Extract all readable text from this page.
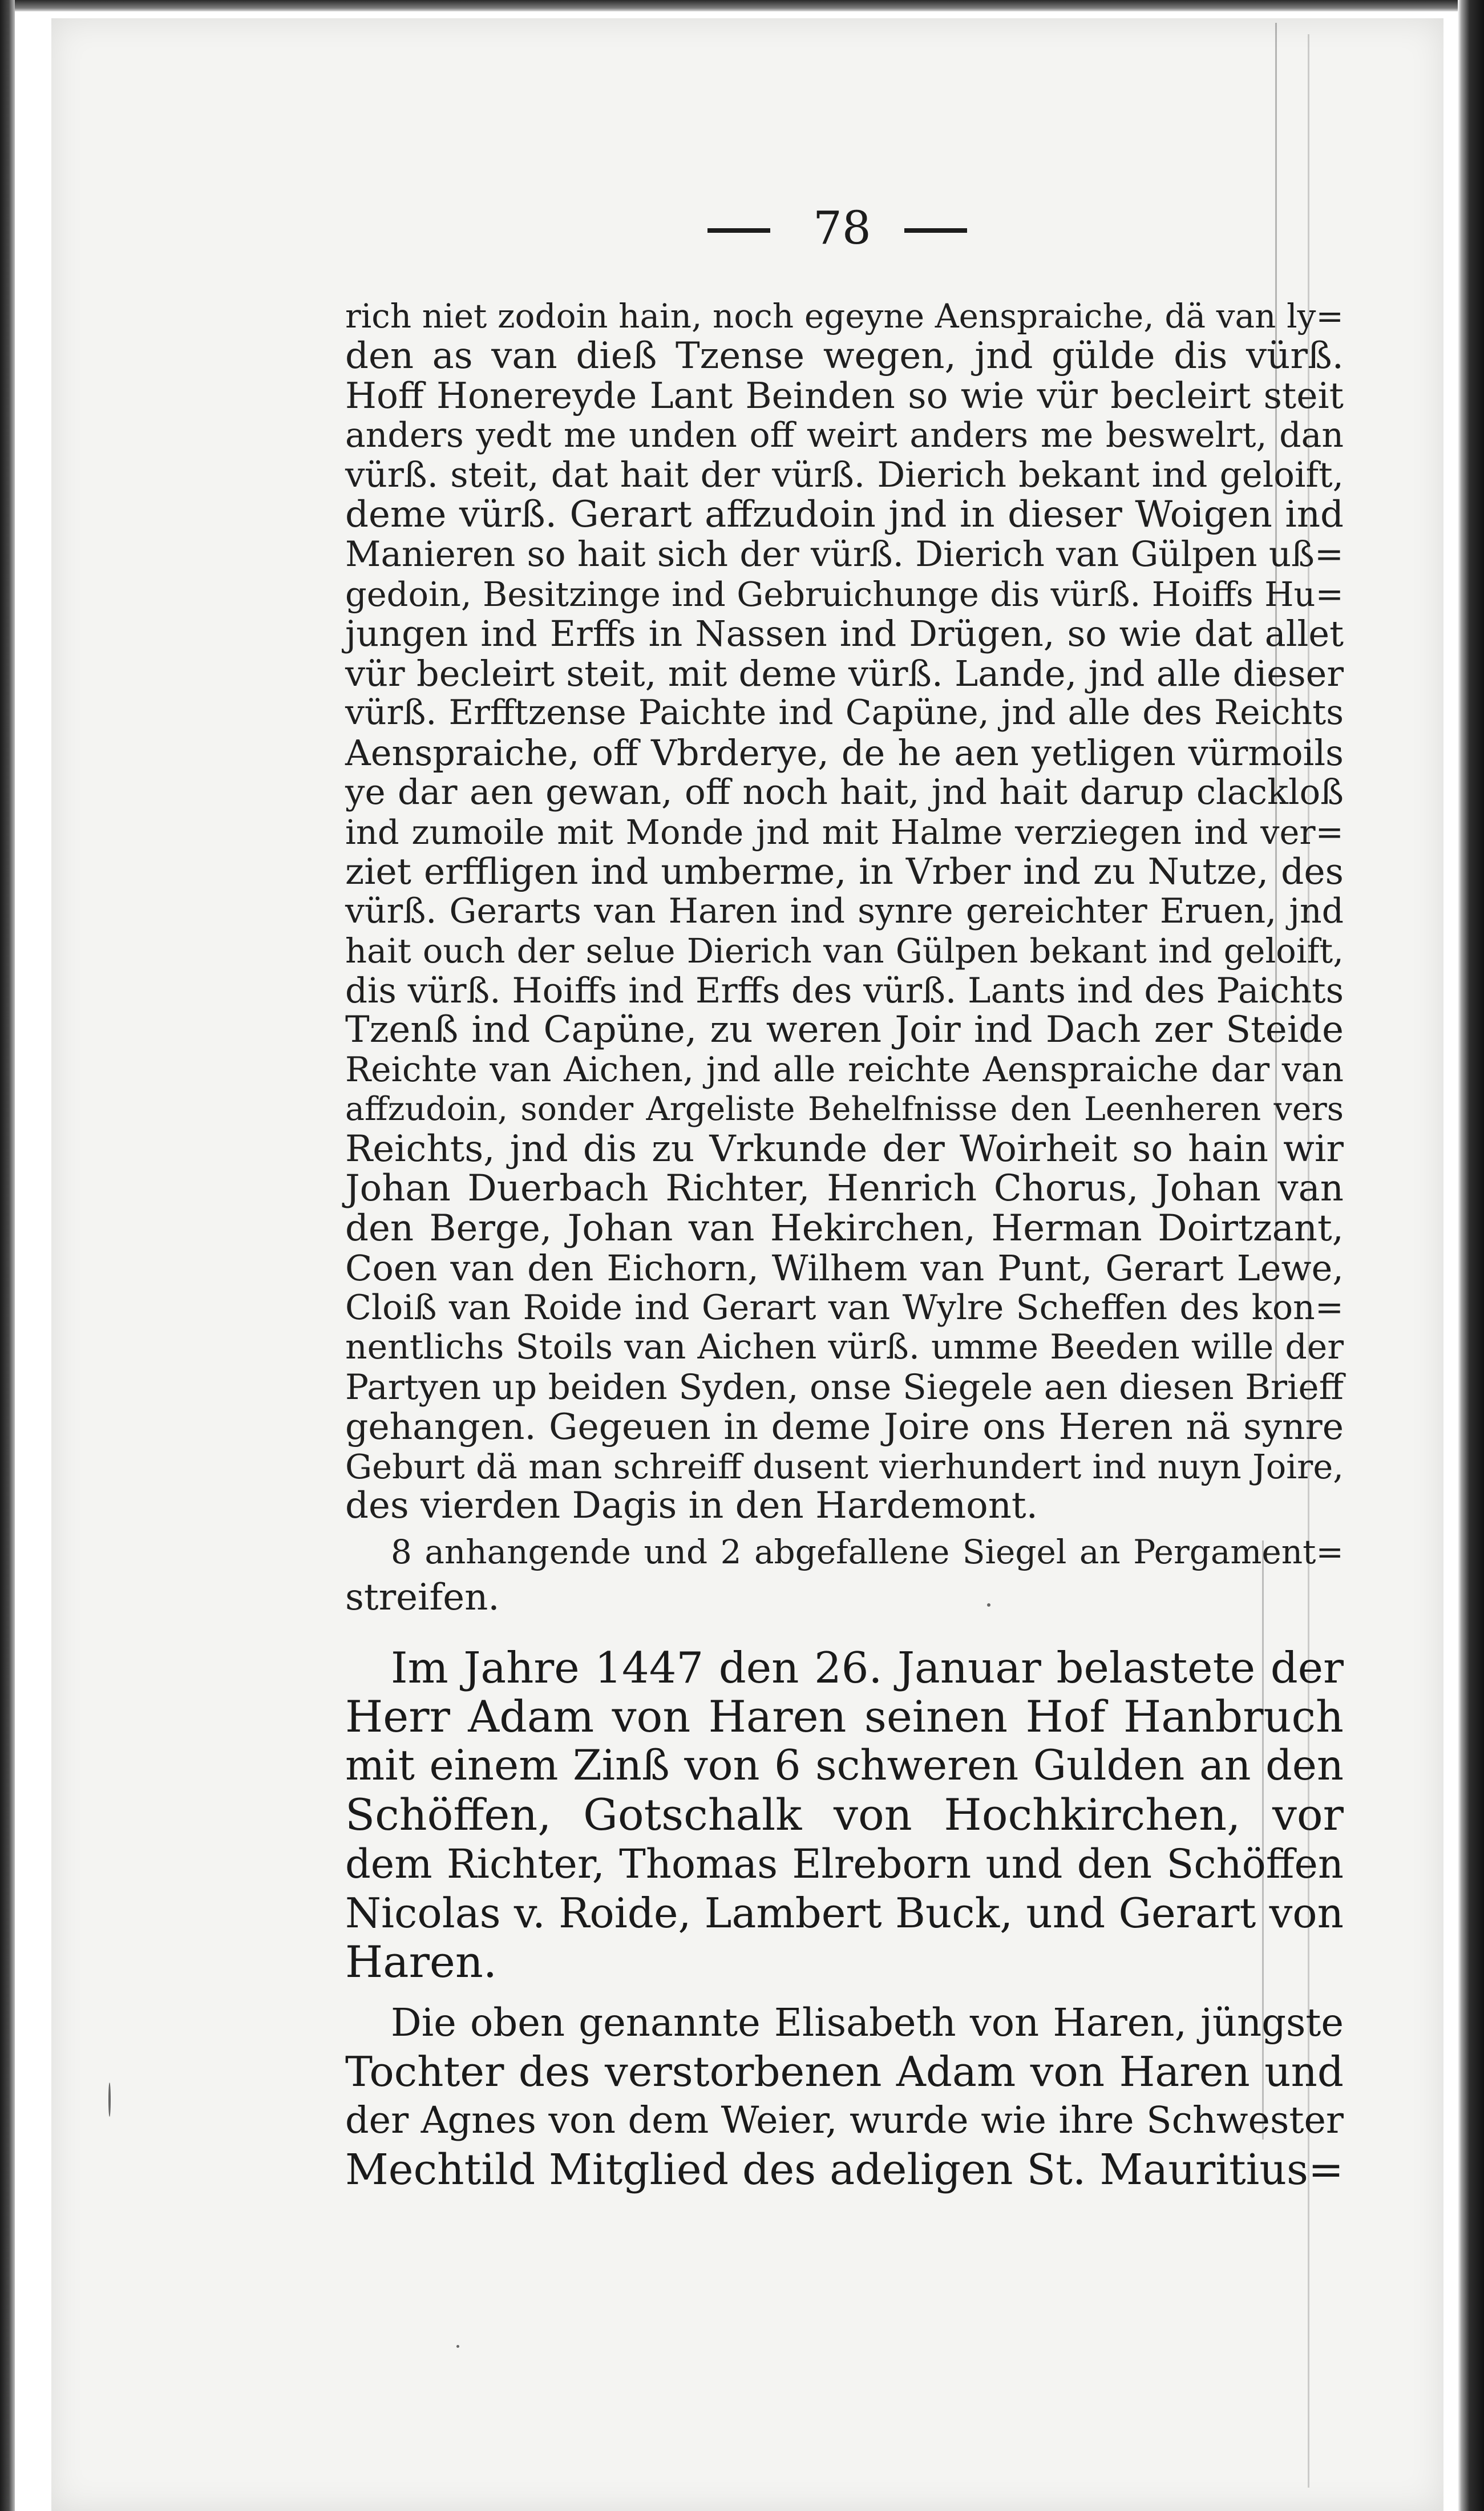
78
rich niet zodoin hain, noch egeyne Aenspraiche, dä van ly=
den as van dieß Tzense wegen, jnd gülde dis vürß.
Hoff Honereyde Lant Beinden so wie vür becleirt steit
anders yedt me unden off weirt anders me beswelrt, dan
vürß. steit, dat hait der vürß. Dierich bekant ind geloift,
deme vürß. Gerart affzudoin jnd in dieser Woigen ind
Manieren so hait sich der vürß. Dierich van Gülpen uß=
gedoin, Besitzinge ind Gebruichunge dis vürß. Hoiffs Hu=
jungen ind Erffs in Nassen ind Drügen, so wie dat allet
vür becleirt steit, mit deme vürß. Lande, jnd alle dieser
vürß. Erfftzense Paichte ind Capüne, jnd alle des Reichts
Aenspraiche, off Vbrderye, de he aen yetligen vürmoils
ye dar aen gewan, off noch hait, jnd hait darup clackloß
ind zumoile mit Monde jnd mit Halme verziegen ind ver=
ziet erffligen ind umberme, in Vrber ind zu Nutze, des
vürß. Gerarts van Haren ind synre gereichter Eruen, jnd
hait ouch der selue Dierich van Gülpen bekant ind geloift,
dis vürß. Hoiffs ind Erffs des vürß. Lants ind des Paichts
Tzenß ind Capüne, zu weren Joir ind Dach zer Steide
Reichte van Aichen, jnd alle reichte Aenspraiche dar van
affzudoin, sonder Argeliste Behelfnisse den Leenheren vers
Reichts, jnd dis zu Vrkunde der Woirheit so hain wir
Johan Duerbach Richter, Henrich Chorus, Johan van
den Berge, Johan van Hekirchen, Herman Doirtzant,
Coen van den Eichorn, Wilhem van Punt, Gerart Lewe,
Cloiß van Roide ind Gerart van Wylre Scheffen des kon=
nentlichs Stoils van Aichen vürß. umme Beeden wille der
Partyen up beiden Syden, onse Siegele aen diesen Brieff
gehangen. Gegeuen in deme Joire ons Heren nä synre
Geburt dä man schreiff dusent vierhundert ind nuyn Joire,
des vierden Dagis in den Hardemont.
8 anhangende und 2 abgefallene Siegel an Pergament=
streifen.
Im Jahre 1447 den 26. Januar belastete der
Herr Adam von Haren seinen Hof Hanbruch
mit einem Zinß von 6 schweren Gulden an den
Schöffen, Gotschalk von Hochkirchen, vor
dem Richter, Thomas Elreborn und den Schöffen
Nicolas v. Roide, Lambert Buck, und Gerart von
Haren.
Die oben genannte Elisabeth von Haren, jüngste
Tochter des verstorbenen Adam von Haren und
der Agnes von dem Weier, wurde wie ihre Schwester
Mechtild Mitglied des adeligen St. Mauritius=
